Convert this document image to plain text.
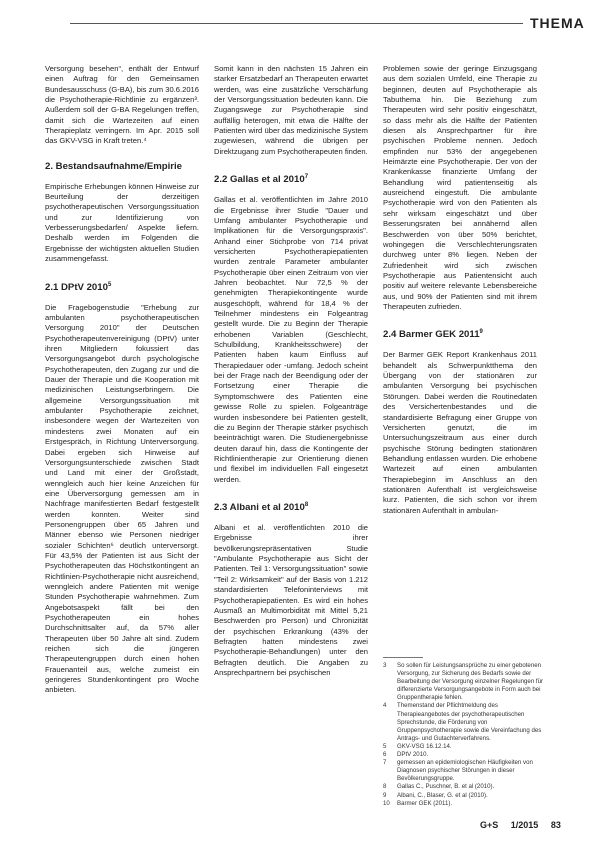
THEMA

Versorgung besehen“, enthält der Entwurf einen Auftrag für den Gemeinsamen Bundesausschuss (G-BA), bis zum 30.6.2016 die Psychotherapie-Richtlinie zu ergänzen³. Außerdem soll der G-BA Regelungen treffen, damit sich die Wartezeiten auf einen Therapieplatz verringern. Im Apr. 2015 soll das GKV-VSG in Kraft treten.⁴

2. Bestandsaufnahme/Empirie

Empirische Erhebungen können Hinweise zur Beurteilung der derzeitigen psychotherapeutischen Versorgungssituation und zur Identifizierung von Verbesserungsbedarfen/ Aspekte liefern. Deshalb werden im Folgenden die Ergebnisse der wichtigsten aktuellen Studien zusammengefasst.

2.1 DPtV 2010$^5$

Die Fragebogenstudie "Erhebung zur ambulanten psychotherapeutischen Versorgung 2010" der Deutschen Psychotherapeutenvereinigung (DPtV) unter ihren Mitgliedern fokussiert das Versorgungsangebot durch psychologische Psychotherapeuten, den Zugang zur und die Dauer der Therapie und die Kooperation mit medizinischen Leistungserbringern. Die allgemeine Versorgungssituation mit ambulanter Psychotherapie zeichnet, insbesondere wegen der Wartezeiten von mindestens zwei Monaten auf ein Erstgespräch, in Richtung Unterversorgung. Dabei ergeben sich Hinweise auf Versorgungsunterschiede zwischen Stadt und Land mit einer der Großstadt, wenngleich auch hier keine Anzeichen für eine Überversorgung gemessen am in Nachfrage manifestierten Bedarf festgestellt werden konnten. Weiter sind Personengruppen über 65 Jahren und Männer ebenso wie Personen niedriger sozialer Schichten⁶ deutlich unterversorgt. Für 43,5% der Patienten ist aus Sicht der Psychotherapeuten das Höchstkontingent an Richtlinien-Psychotherapie nicht ausreichend, wenngleich andere Patienten mit wenige Stunden Psychotherapie wahrnehmen. Zum Angebotsaspekt fällt bei den Psychotherapeuten ein hohes Durchschnittsalter auf, da 57% aller Therapeuten über 50 Jahre alt sind. Zudem reichen sich die jüngeren Therapeutengruppen durch einen hohen Frauenanteil aus, welche zumeist ein geringeres Stundenkontingent pro Woche anbieten.

Somit kann in den nächsten 15 Jahren ein starker Ersatzbedarf an Therapeuten erwartet werden, was eine zusätzliche Verschärfung der Versorgungssituation bedeuten kann. Die Zugangswege zur Psychotherapie sind auffällig heterogen, mit etwa die Hälfte der Patienten wird über das medizinische System zugewiesen, während die übrigen per Direktzugang zum Psychotherapeuten finden.

2.2 Gallas et al 2010$^7$

Gallas et al. veröffentlichten im Jahre 2010 die Ergebnisse ihrer Studie "Dauer und Umfang ambulanter Psychotherapie und Implikationen für die Versorgungspraxis". Anhand einer Stichprobe von 714 privat versicherten Psychotherapiepatienten wurden zentrale Parameter ambulanter Psychotherapie über einen Zeitraum von vier Jahren beobachtet. Nur 72,5 % der genehmigten Therapiekontingente wurde ausgeschöpft, während für 18,4 % der Teilnehmer mindestens ein Folgeantrag gestellt wurde. Die zu Beginn der Therapie erhobenen Variablen (Geschlecht, Schulbildung, Krankheitsschwere) der Patienten haben kaum Einfluss auf Therapiedauer oder -umfang. Jedoch scheint bei der Frage nach der Beendigung oder der Fortsetzung einer Therapie die Symptomschwere des Patienten eine gewisse Rolle zu spielen. Folgeanträge wurden insbesondere bei Patienten gestellt, die zu Beginn der Therapie stärker psychisch beeinträchtigt waren. Die Studienergebnisse deuten darauf hin, dass die Kontingente der Richtlinientherapie zur Orientierung dienen und flexibel im individuellen Fall eingesetzt werden.

2.3 Albani et al 2010$^8$

Albani et al. veröffentlichten 2010 die Ergebnisse ihrer bevölkerungsrepräsentativen Studie "Ambulante Psychotherapie aus Sicht der Patienten. Teil 1: Versorgungssituation" sowie "Teil 2: Wirksamkeit" auf der Basis von 1.212 standardisierten Telefoninterviews mit Psychotherapiepatienten. Es wird ein hohes Ausmaß an Multimorbidität mit Mittel 5,21 Beschwerden pro Person) und Chronizität der psychischen Erkrankung (43% der Befragten hatten mindestens zwei Psychotherapie-Behandlungen) unter den Befragten deutlich. Die Angaben zu Ansprechpartnern bei psychischen

Problemen sowie der geringe Einzugsgang aus dem sozialen Umfeld, eine Therapie zu beginnen, deuten auf Psychotherapie als Tabuthema hin. Die Beziehung zum Therapeuten wird sehr positiv eingeschätzt, so dass mehr als die Hälfte der Patienten diesen als Ansprechpartner für ihre psychischen Probleme nennen. Jedoch empfinden nur 53% der angegebenen Heimärzte eine Psychotherapie. Der von der Krankenkasse finanzierte Umfang der Behandlung wird patientenseitig als ausreichend eingestuft. Die ambulante Psychotherapie wird von den Patienten als sehr wirksam eingeschätzt und über Besserungsraten bei annähernd allen Beschwerden von über 50% berichtet, wohingegen die Verschlechterungsraten durchweg unter 8% liegen. Neben der Zufriedenheit wird sich zwischen Psychotherapie aus Patientensicht auch positiv auf weitere relevante Lebensbereiche aus, und 90% der Patienten sind mit ihrem Therapeuten zufrieden.

2.4 Barmer GEK 2011$^9$

Der Barmer GEK Report Krankenhaus 2011 behandelt als Schwerpunktthema den Übergang von der stationären zur ambulanten Versorgung bei psychischen Störungen. Dabei werden die Routinedaten des Versichertenbestandes und die standardisierte Befragung einer Gruppe von Versicherten genutzt, die im Untersuchungszeitraum aus einer durch psychische Störung bedingten stationären Behandlung entlassen wurden. Die erhobene Wartezeit auf einen ambulanten Therapiebeginn im Anschluss an den stationären Aufenthalt ist vergleichsweise kurz. Patienten, die sich schon vor ihrem stationären Aufenthalt in ambulan-

3	So sollen für Leistungsansprüche zu einer gebotenen Versorgung, zur Sicherung des Bedarfs sowie der Bearbeitung der Versorgung einzelner Regelungen für differenzierte Versorgungsangebote in Form auch bei Gruppentherapie fehlen.
4	Themenstand der Pflichtmeldung des Therapieangebotes der psychotherapeutischen Sprechstunde, die Förderung von Gruppenpsychotherapie sowie die Vereinfachung des Antrags- und Gutachterverfahrens.
5	GKV-VSG 16.12.14.
6	DPtV 2010.
7	gemessen an epidemiologischen Häufigkeiten von Diagnosen psychischer Störungen in dieser Bevölkerungsgruppe.
8	Gallas C., Puschner, B. et al (2010).
9	Albani, C., Blaser, G. et al (2010).
10	Barmer GEK (2011).
G+S 1/2015 83
